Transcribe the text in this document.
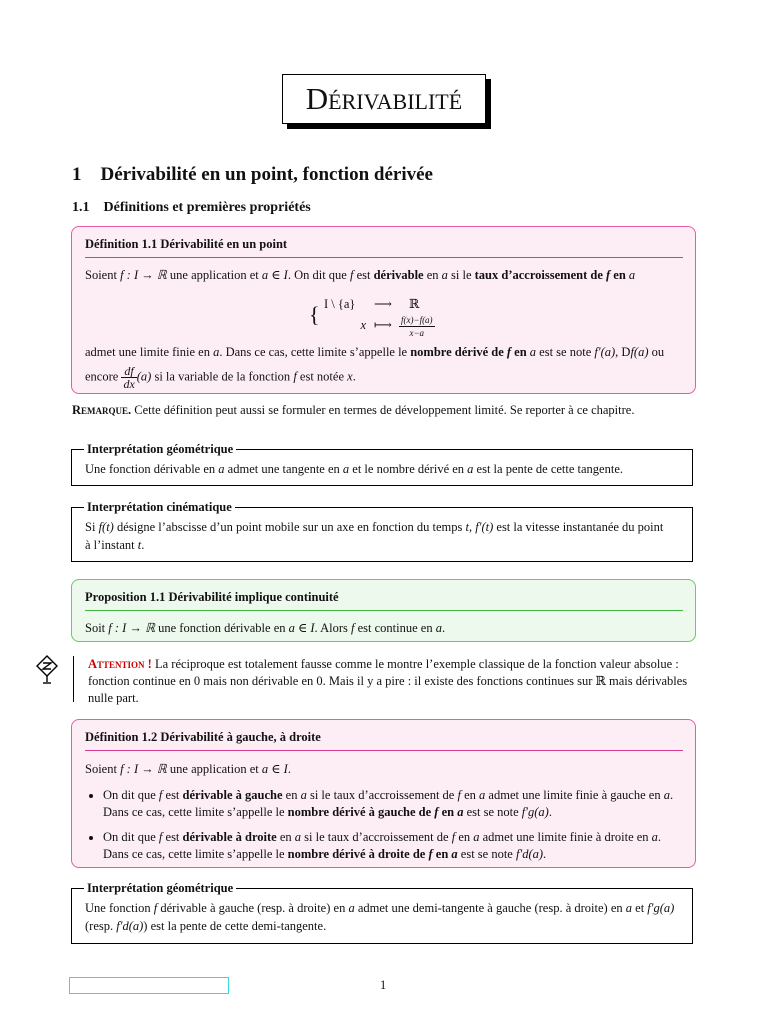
Dérivabilité
1 Dérivabilité en un point, fonction dérivée
1.1 Définitions et premières propriétés
Définition 1.1 Dérivabilité en un point
Soient f : I → ℝ une application et a ∈ I. On dit que f est dérivable en a si le taux d’accroissement de f en a
{ I \ {a} ⟶ ℝ
x ⟼ $\frac{f(x)-f(a)}{x-a}$
admet une limite finie en a. Dans ce cas, cette limite s’appelle le nombre dérivé de f en a est se note f′(a), Df(a) ou
encore $\frac{df}{dx} (a)$ si la variable de la fonction f est notée x.
Remarque. Cette définition peut aussi se formuler en termes de développement limité. Se reporter à ce chapitre.
Interprétation géométrique
Une fonction dérivable en a admet une tangente en a et le nombre dérivé en a est la pente de cette tangente.
Interprétation cinématique
Si f(t) désigne l’abscisse d’un point mobile sur un axe en fonction du temps t, f′(t) est la vitesse instantanée du point
à l’instant t.
Proposition 1.1 Dérivabilité implique continuité
Soit f : I → ℝ une fonction dérivable en a ∈ I. Alors f est continue en a.
Attention ! La réciproque est totalement fausse comme le montre l’exemple classique de la fonction valeur absolue : fonction continue en 0 mais non dérivable en 0. Mais il y a pire : il existe des fonctions continues sur ℝ mais dérivables nulle part.
Définition 1.2 Dérivabilité à gauche, à droite
Soient f : I → ℝ une application et a ∈ I.
• On dit que f est dérivable à gauche en a si le taux d’accroissement de f en a admet une limite finie à gauche en a. Dans ce cas, cette limite s’appelle le nombre dérivé à gauche de f en a est se note f′g(a).
• On dit que f est dérivable à droite en a si le taux d’accroissement de f en a admet une limite finie à droite en a. Dans ce cas, cette limite s’appelle le nombre dérivé à droite de f en a est se note f′d(a).
Interprétation géométrique
Une fonction f dérivable à gauche (resp. à droite) en a admet une demi-tangente à gauche (resp. à droite) en a et f′g(a)
(resp. f′d(a)) est la pente de cette demi-tangente.
1
